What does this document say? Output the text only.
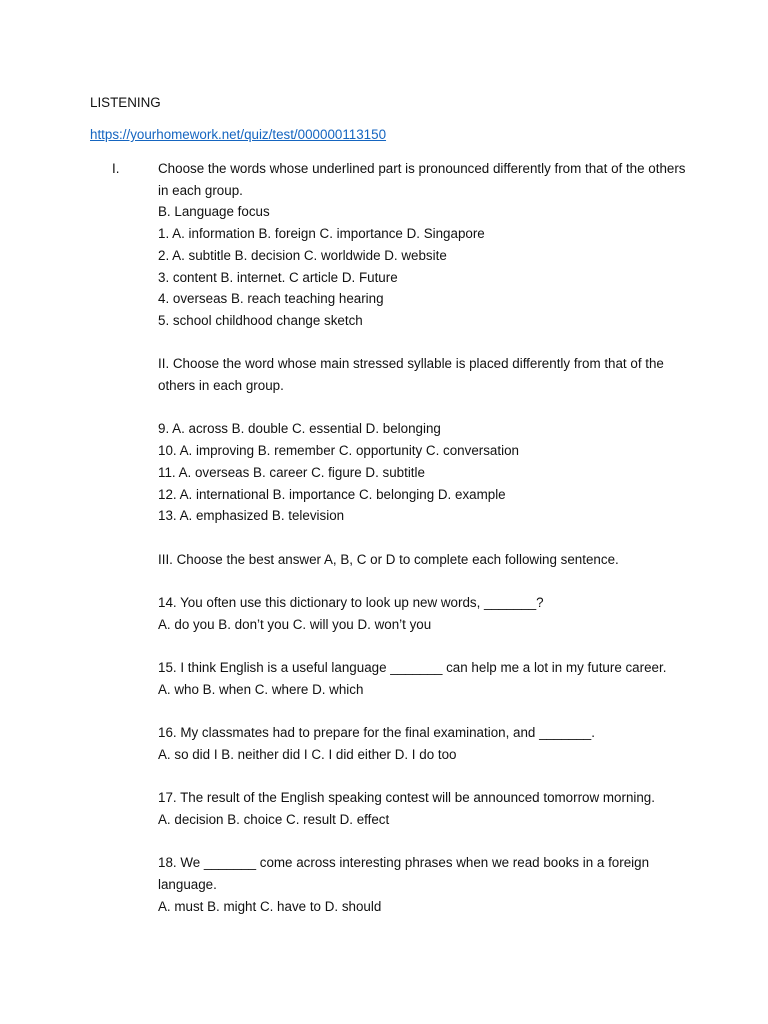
LISTENING
https://yourhomework.net/quiz/test/000000113150
I.	Choose the words whose underlined part is pronounced differently from that of the others in each group.
B. Language focus
1. A. information B. foreign C. importance D. Singapore
2. A. subtitle B. decision C. worldwide D. website
3. content B. internet. C article D. Future
4. overseas B. reach teaching hearing
5. school childhood change sketch
II. Choose the word whose main stressed syllable is placed differently from that of the others in each group.
9. A. across B. double C. essential D. belonging
10. A. improving B. remember C. opportunity C. conversation
11. A. overseas B. career C. figure D. subtitle
12. A. international B. importance C. belonging D. example
13. A. emphasized B. television
III. Choose the best answer A, B, C or D to complete each following sentence.
14. You often use this dictionary to look up new words, _______?
A. do you B. don’t you C. will you D. won’t you
15. I think English is a useful language _______ can help me a lot in my future career.
A. who B. when C. where D. which
16. My classmates had to prepare for the final examination, and _______.
A. so did I B. neither did I C. I did either D. I do too
17. The result of the English speaking contest will be announced tomorrow morning.
A. decision B. choice C. result D. effect
18. We _______ come across interesting phrases when we read books in a foreign language.
A. must B. might C. have to D. should
